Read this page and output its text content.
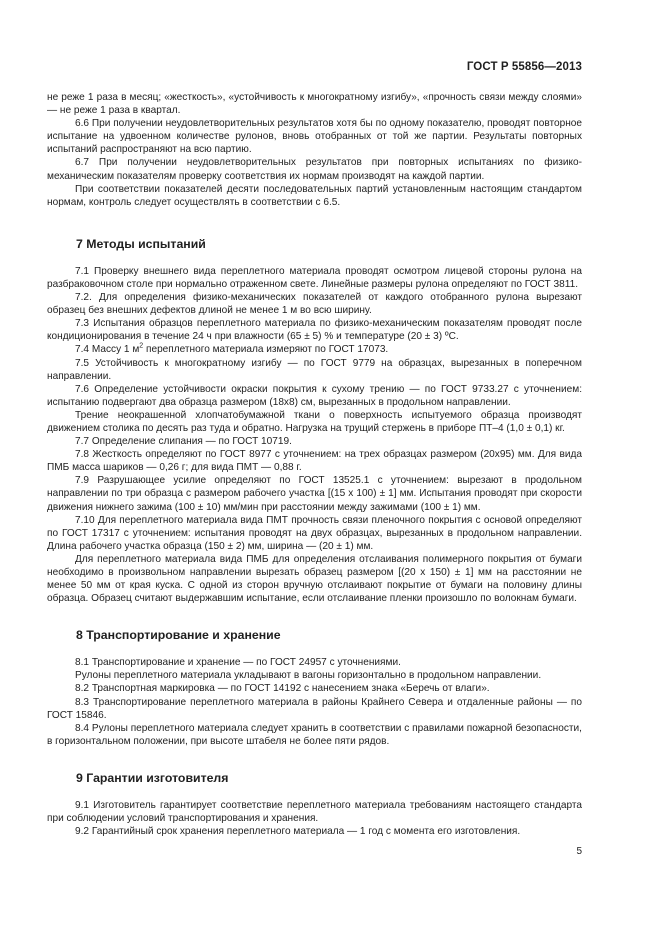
ГОСТ Р 55856—2013

не реже 1 раза в месяц; «жесткость», «устойчивость к многократному изгибу», «прочность связи между слоями» — не реже 1 раза в квартал.

6.6 При получении неудовлетворительных результатов хотя бы по одному показателю, проводят повторное испытание на удвоенном количестве рулонов, вновь отобранных от той же партии. Результаты повторных испытаний распространяют на всю партию.

6.7 При получении неудовлетворительных результатов при повторных испытаниях по физико-механическим показателям проверку соответствия их нормам производят на каждой партии.

При соответствии показателей десяти последовательных партий установленным настоящим стандартом нормам, контроль следует осуществлять в соответствии с 6.5.

7 Методы испытаний

7.1 Проверку внешнего вида переплетного материала проводят осмотром лицевой стороны рулона на разбраковочном столе при нормально отраженном свете. Линейные размеры рулона определяют по ГОСТ 3811.

7.2. Для определения физико-механических показателей от каждого отобранного рулона вырезают образец без внешних дефектов длиной не менее 1 м во всю ширину.

7.3 Испытания образцов переплетного материала по физико-механическим показателям проводят после кондиционирования в течение 24 ч при влажности (65 ± 5) % и температуре (20 ± 3) ºС.

7.4 Массу 1 $м^2$ переплетного материала измеряют по ГОСТ 17073.

7.5 Устойчивость к многократному изгибу — по ГОСТ 9779 на образцах, вырезанных в поперечном направлении.

7.6 Определение устойчивости окраски покрытия к сухому трению — по ГОСТ 9733.27 с уточнением: испытанию подвергают два образца размером (18х8) см, вырезанных в продольном направлении.

Трение неокрашенной хлопчатобумажной ткани о поверхность испытуемого образца производят движением столика по десять раз туда и обратно. Нагрузка на трущий стержень в приборе ПТ–4 (1,0 ± 0,1) кг.

7.7 Определение слипания — по ГОСТ 10719.

7.8 Жесткость определяют по ГОСТ 8977 с уточнением: на трех образцах размером (20х95) мм. Для вида ПМБ масса шариков — 0,26 г; для вида ПМТ — 0,88 г.

7.9 Разрушающее усилие определяют по ГОСТ 13525.1 с уточнением: вырезают в продольном направлении по три образца с размером рабочего участка [(15 х 100) ± 1] мм. Испытания проводят при скорости движения нижнего зажима (100 ± 10) мм/мин при расстоянии между зажимами (100 ± 1) мм.

7.10 Для переплетного материала вида ПМТ прочность связи пленочного покрытия с основой определяют по ГОСТ 17317 с уточнением: испытания проводят на двух образцах, вырезанных в продольном направлении. Длина рабочего участка образца (150 ± 2) мм, ширина — (20 ± 1) мм.

Для переплетного материала вида ПМБ для определения отслаивания полимерного покрытия от бумаги необходимо в произвольном направлении вырезать образец размером [(20 х 150) ± 1] мм на расстоянии не менее 50 мм от края куска. С одной из сторон вручную отслаивают покрытие от бумаги на половину длины образца. Образец считают выдержавшим испытание, если отслаивание пленки произошло по волокнам бумаги.

8 Транспортирование и хранение

8.1 Транспортирование и хранение — по ГОСТ 24957 с уточнениями.

Рулоны переплетного материала укладывают в вагоны горизонтально в продольном направлении.

8.2 Транспортная маркировка — по ГОСТ 14192 с нанесением знака «Беречь от влаги».

8.3 Транспортирование переплетного материала в районы Крайнего Севера и отдаленные районы — по ГОСТ 15846.

8.4 Рулоны переплетного материала следует хранить в соответствии с правилами пожарной безопасности, в горизонтальном положении, при высоте штабеля не более пяти рядов.

9 Гарантии изготовителя

9.1 Изготовитель гарантирует соответствие переплетного материала требованиям настоящего стандарта при соблюдении условий транспортирования и хранения.

9.2 Гарантийный срок хранения переплетного материала — 1 год с момента его изготовления.

5
